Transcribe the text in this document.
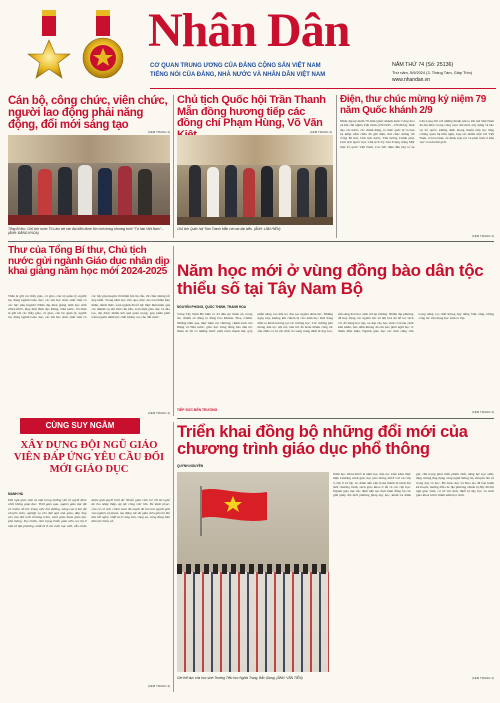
Nhân Dân
CƠ QUAN TRUNG ƯƠNG CỦA ĐẢNG CỘNG SẢN VIỆT NAM
TIẾNG NÓI CỦA ĐẢNG, NHÀ NƯỚC VÀ NHÂN DÂN VIỆT NAM
NĂM THỨ 74 (Số: 25136)
Thứ năm, 5/9/2024 (3, Tháng Tám, Giáp Thìn)
www.nhandan.vn
Cán bộ, công chức, viên chức, người lao động phải năng động, đổi mới sáng tạo
(XEM TRANG 3)
Tổng Bí thư, Chủ tịch nước Tô Lâm với các đại biểu được tôn vinh trong chương trình "Tự hào Việt Nam"... (ẢNH: ĐĂNG KHOA)
Chủ tịch Quốc hội Trần Thanh Mẫn đồng hương tiếp các đồng chí Phạm Hùng, Võ Văn
(XEM TRANG 3)
Chủ tịch Quốc hội Trần Thanh Mẫn với các đại biểu. (ẢNH: LÂM HIỂN)
Điện, thư chúc mừng kỷ niệm 79 năm Quốc khánh 2/9
Nhân dịp kỷ niệm 79 năm Quốc khánh nước Cộng hòa xã hội chủ nghĩa Việt Nam (2/9/1945 - 2/9/2024), lãnh đạo các nước, các chính đảng, tổ chức quốc tế và bạn bè khắp năm châu đã gửi điện, thư chúc mừng tới Tổng Bí thư, Chủ tịch nước, Thủ tướng Chính phủ, Chủ tịch Quốc hội, Chủ tịch Ủy ban Trung ương Mặt trận Tổ quốc Việt Nam. Các bức điện đều bày tỏ sự trân trọng đối với những thành tựu to lớn mà Việt Nam đã đạt được trong công cuộc đổi mới, xây dựng và bảo vệ Tổ quốc; khẳng định mong muốn tiếp tục tăng cường quan hệ hữu nghị, hợp tác nhiều mặt với Việt Nam, vì hòa bình, ổn định, hợp tác và phát triển ở khu vực và trên thế giới.
(XEM TRANG 2)
Thư của Tổng Bí thư, Chủ tịch nước gửi ngành Giáo dục nhân dịp khai giảng năm học mới 2024-2025
Thân ái gửi các thầy giáo, cô giáo, cán bộ quản lý, người lao động ngành Giáo dục; các em học sinh, sinh viên và các bậc phụ huynh! Nhân dịp khai giảng năm học mới 2024-2025, thay mặt lãnh đạo Đảng, Nhà nước, tôi thân ái gửi tới các thầy giáo, cô giáo, cán bộ quản lý, người lao động ngành Giáo dục, các em học sinh, sinh viên và các bậc phụ huynh lời thăm hỏi ân cần, lời chúc mừng tốt đẹp nhất. Trong năm học vừa qua, mặc dù còn nhiều khó khăn, thách thức, toàn ngành đã nỗ lực thực hiện hiệu quả các nhiệm vụ đổi mới căn bản, toàn diện giáo dục và đào tạo, đạt được nhiều kết quả quan trọng, góp phần phát triển nguồn nhân lực chất lượng cao cho đất nước.
(XEM TRANG 3)
Năm học mới ở vùng đồng bào dân tộc thiểu số tại Tây Nam Bộ
NGUYỄN PHONG, QUỐC THỊNH, THANH HOA
Vùng Tây Nam Bộ hiện có 43 dân tộc thiểu số, trong đó, chiếm số đông là đồng bào Khmer, Hoa, Chăm. Những năm qua, thực hiện các chương, chính sách của Đảng và Nhà nước, giáo dục vùng đồng bào dân tộc thiểu số đã có những bước phát triển mạnh mẽ, góp phần nâng cao dân trí, đào tạo nguồn nhân lực. Những ngày này, không khí chuẩn bị cho năm học mới đang diễn ra khẩn trương tại các trường học. Các trường phổ thông dân tộc nội trú, bán trú đã hoàn thành công tác sửa chữa cơ sở vật chất, bổ sung trang thiết bị dạy học, sẵn sàng đón học sinh trở lại trường. Nhiều địa phương đã huy động các nguồn lực xã hội hóa để hỗ trợ sách vở, đồ dùng học tập, xe đạp cho học sinh có hoàn cảnh khó khăn, bảo đảm không để em nào phải nghỉ học vì thiếu điều kiện. Ngành giáo dục các tỉnh cũng chú trọng nâng cao chất lượng dạy tiếng Việt, tăng cường công tác vận động học sinh ra lớp.
TIẾP SỨC ĐẾN TRƯỜNG	(XEM TRANG 2)
CÙNG SUY NGẪM
XÂY DỰNG ĐỘI NGŨ GIÁO VIÊN ĐÁP ỨNG YÊU CẦU ĐỔI MỚI GIÁO DỤC
MANH HÀ
Đội ngũ giáo viên là một trong những yếu tố quyết định chất lượng giáo dục. Thời gian qua, ngành giáo dục đã có nhiều nỗ lực trong việc bồi dưỡng, nâng cao trình độ chuyên môn, nghiệp vụ cho đội ngũ nhà giáo, đáp ứng yêu cầu đổi mới chương trình, sách giáo khoa giáo dục phổ thông. Tuy nhiên, tình trạng thiếu giáo viên cục bộ ở một số địa phương, nhất là ở các môn học mới, vẫn chưa được giải quyết triệt để. Nhiều giáo viên trẻ rời bỏ nghề do thu nhập thấp, áp lực công việc lớn. Để khắc phục, cần có cơ chế, chính sách đủ mạnh để thu hút người giỏi vào ngành sư phạm, tạo động lực để giáo viên gắn bó lâu dài với nghề, nhất là ở vùng sâu, vùng xa, vùng đồng bào dân tộc thiểu số.
(XEM TRANG 3)
Triển khai đồng bộ những đổi mới của chương trình giáo dục phổ thông
QUỲNH NGUYÊN
Năm học 2024-2025 là năm học tiếp tục triển khai thực hiện Chương trình giáo dục phổ thông 2018 với các lớp 5, lớp 9 và lớp 12, đánh dấu việc hoàn thành lộ trình đổi mới chương trình, sách giáo khoa ở tất cả các cấp học. Ngành giáo dục xác định tiếp tục thực hiện đồng bộ các giải pháp đổi mới phương pháp dạy học, kiểm tra đánh giá, chú trọng phát triển phẩm chất, năng lực học sinh; tăng cường ứng dụng công nghệ thông tin, chuyển đổi số trong dạy và học. Bộ Giáo dục và Đào tạo đã ban hành kế hoạch, hướng dẫn các địa phương chuẩn bị đầy đủ đội ngũ giáo viên, cơ sở vật chất, thiết bị dạy học và sách giáo khoa trước thềm năm học mới.
Giờ thể dục của học sinh Trường Tiểu học Nghĩa Trung, Bắc Giang. (ẢNH: VĂN TIẾN)	(XEM TRANG 2)
